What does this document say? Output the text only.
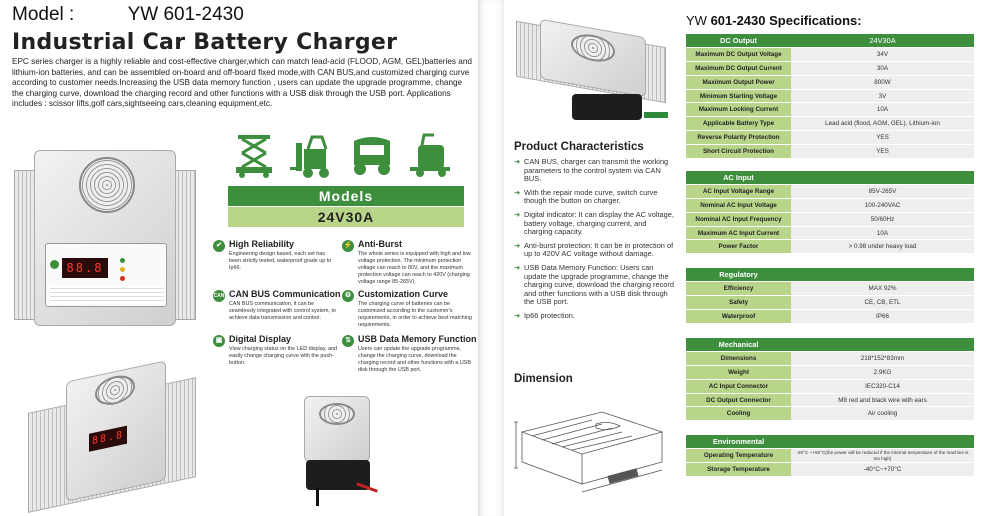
Model :	YW 601-2430
Industrial Car Battery Charger
EPC series charger is a highly reliable and cost-effective charger,which can match lead-acid (FLOOD, AGM, GEL)batteries and lithium-ion batteries, and can be assembled on-board and off-board fixed mode,with CAN BUS,and customized charging curve according to customer needs.Increasing the USB data memory function , users can update the upgrade programme, change the charging curve, download the charging record and other functions with a USB disk through the USB port. Applications includes : scissor lifts,golf cars,sightseeing cars,cleaning equipment,etc.
88.8
88.8
Models
24V30A
✔ High Reliability
Engineering design based, each set has been strictly tested, waterproof grade up to Ip66.
⚡ Anti-Burst
The whole series is equipped with high and low voltage protection. The minimum protection voltage can reach to 80V, and the maximum protection voltage can reach to 420V (charging voltage range 85-265V).
CAN CAN BUS Communication
CAN BUS communication, it can be seamlessly integrated with control system, to achieve data transmission and control.
⚙ Customization Curve
The charging curve of batteries can be customized according to the customer's requirements, in order to achieve best matching requirements.
▣ Digital Display
View charging status on the LED display, and easily change charging curve with the push-button.
⇅ USB Data Memory Function
Users can update the upgrade programme, change the charging curve, download the charging record and other functions with a USB disk through the USB port.
Product Characteristics
➜ CAN BUS, charger can transmit the working parameters to the control system via CAN BUS.
➜ With the repair mode curve, switch curve though the button on charger.
➜ Digital indicator: It can display the AC voltage, battery voltage, charging current, and charging capacity.
➜ Anti-burst protection: It can be in protection of up to 420V AC voltage without damage.
➜ USB Data Memory Function: Users can update the upgrade programme, change the charging curve, download the charging record and other functions with a USB disk through the USB port.
➜ Ip66 protection.
Dimension
YW 601-2430 Specifications:
DC Output	24V30A
Maximum DC Output Voltage	34V
Maximum DC Output Current	30A
Maximum Output Power	800W
Minimum Starting Voltage	3V
Maximum Locking Current	10A
Applicable Battery Type	Lead acid (flood, AGM, GEL), Lithium-ion
Reverse Polarity Protection	YES
Short Circuit Protection	YES
AC Input	
AC Input Voltage Range	85V-265V
Nominal AC Input Voltage	100-240VAC
Nominal AC Input Frequency	50/60Hz
Maximum AC Input Current	10A
Power Factor	> 0.98 under heavy load
Regulatory	
Efficiency	MAX 92%
Safety	CE, CB, ETL
Waterproof	IP66
Mechanical	
Dimensions	218*152*83mm
Weight	2.9KG
AC Input Connector	IEC320-C14
DC Output Connector	M8 red and black wire with ears
Cooling	Air cooling
Environmental	
Operating Temperature	-30°C ~+65°C(the power will be reduced if the internal temperature of the machine is too high)
Storage Temperature	-40°C~+70°C
